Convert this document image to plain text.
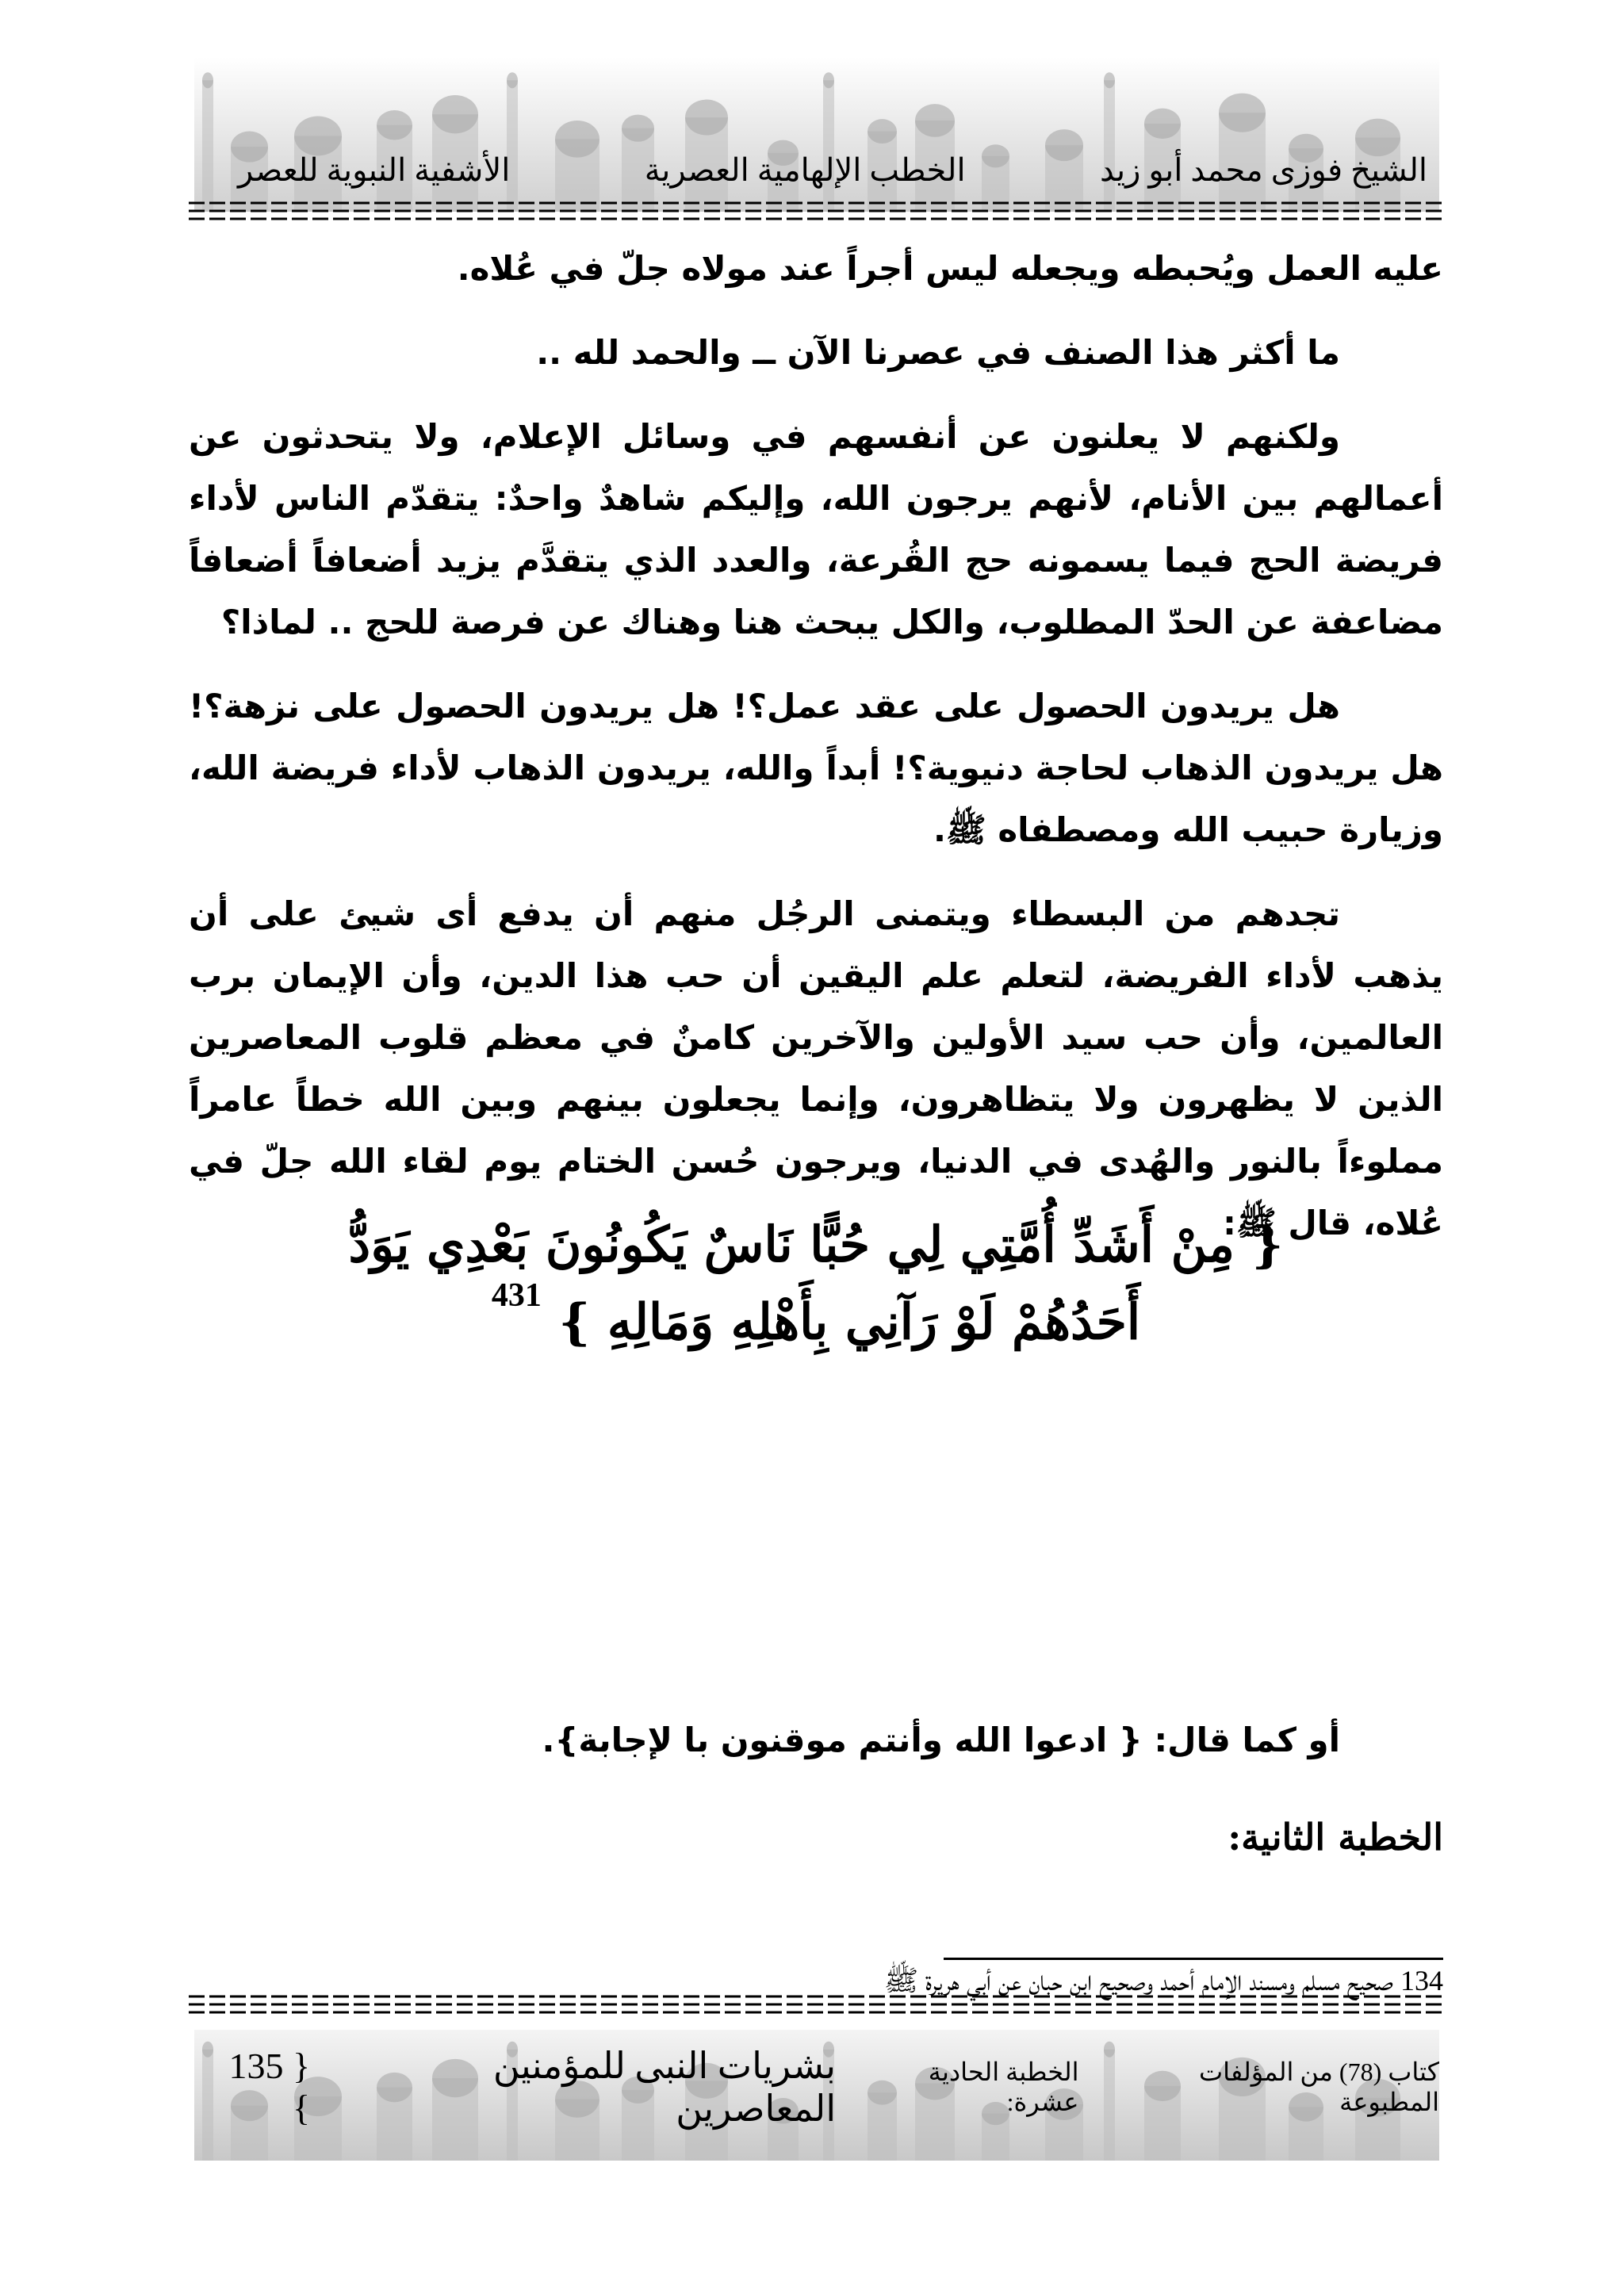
الشيخ فوزى محمد أبو زيد
الخطب الإلهامية العصرية
الأشفية النبوية للعصر

عليه العمل ويُحبطه ويجعله ليس أجراً عند مولاه جلّ في عُلاه.

ما أكثر هذا الصنف في عصرنا الآن ــ والحمد لله ..

ولكنهم لا يعلنون عن أنفسهم في وسائل الإعلام، ولا يتحدثون عن أعمالهم بين الأنام، لأنهم يرجون الله، وإليكم شاهدٌ واحدٌ: يتقدّم الناس لأداء فريضة الحج فيما يسمونه حج القُرعة، والعدد الذي يتقدَّم يزيد أضعافاً أضعافاً مضاعفة عن الحدّ المطلوب، والكل يبحث هنا وهناك عن فرصة للحج .. لماذا؟

هل يريدون الحصول على عقد عمل؟! هل يريدون الحصول على نزهة؟! هل يريدون الذهاب لحاجة دنيوية؟! أبداً والله، يريدون الذهاب لأداء فريضة الله، وزيارة حبيب الله ومصطفاه ﷺ.

تجدهم من البسطاء ويتمنى الرجُل منهم أن يدفع أى شيئ على أن يذهب لأداء الفريضة، لتعلم علم اليقين أن حب هذا الدين، وأن الإيمان برب العالمين، وأن حب سيد الأولين والآخرين كامنٌ في معظم قلوب المعاصرين الذين لا يظهرون ولا يتظاهرون، وإنما يجعلون بينهم وبين الله خطاً عامراً مملوءاً بالنور والهُدى في الدنيا، ويرجون حُسن الختام يوم لقاء الله جلّ في عُلاه، قال ﷺ:

{ مِنْ أَشَدِّ أُمَّتِي لِي حُبًّا نَاسٌ يَكُونُونَ بَعْدِي يَوَدُّ
أَحَدُهُمْ لَوْ رَآنِي بِأَهْلِهِ وَمَالِهِ } $^{431}$
أو كما قال: { ادعوا الله وأنتم موقنون با لإجابة}.
الخطبة الثانية:
134 صحيح مسلم ومسند الإمام أحمد وصحيح ابن حبان عن أبي هريرة ﷺ
كتاب (78) من المؤلفات المطبوعة
الخطبة الحادية عشرة:
بشريات النبى للمؤمنين المعاصرين
{ 135 }
